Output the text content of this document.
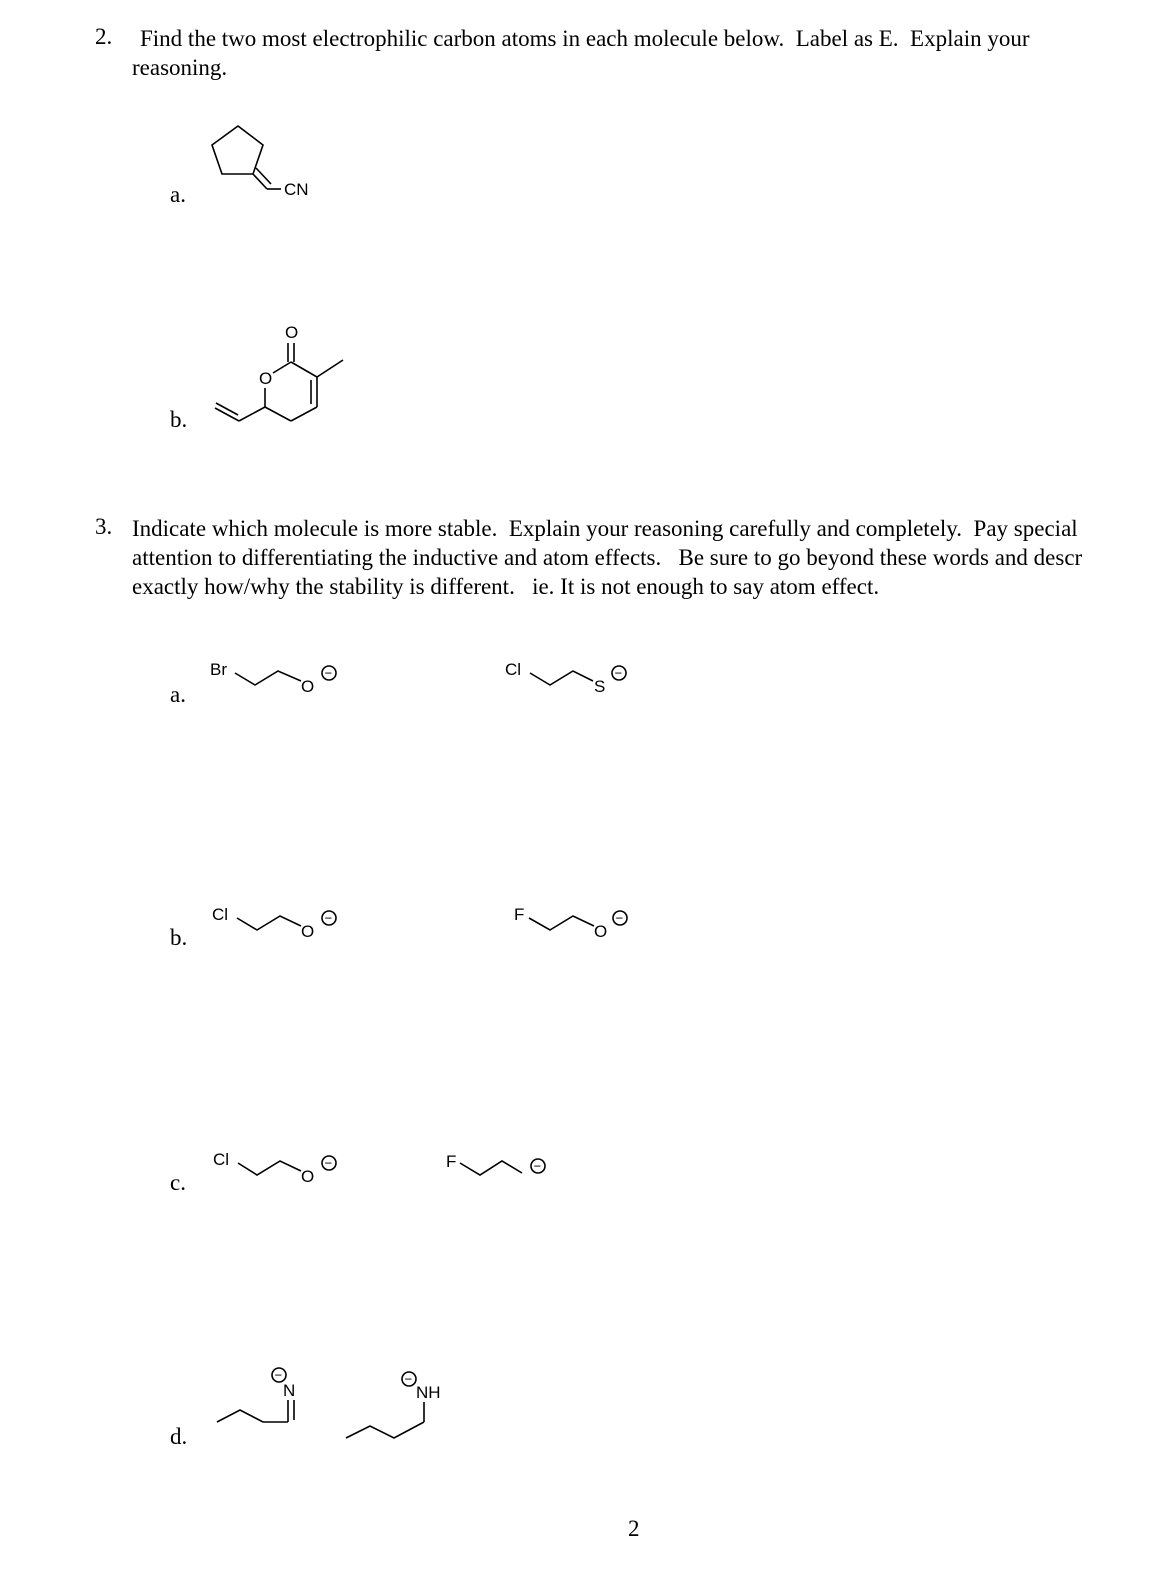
2. Find the two most electrophilic carbon atoms in each molecule below.  Label as E.  Explain your
reasoning.
a.	CN
b.
O
O
3. Indicate which molecule is more stable.  Explain your reasoning carefully and completely.  Pay special
attention to differentiating the inductive and atom effects.   Be sure to go beyond these words and descr
exactly how/why the stability is different.   ie. It is not enough to say atom effect.
a.
Br
O
−	Cl
S
−
b.
Cl
O
−	F
O
−
c.
Cl
O
−	F	−
d.
−
N
−
NH
2
